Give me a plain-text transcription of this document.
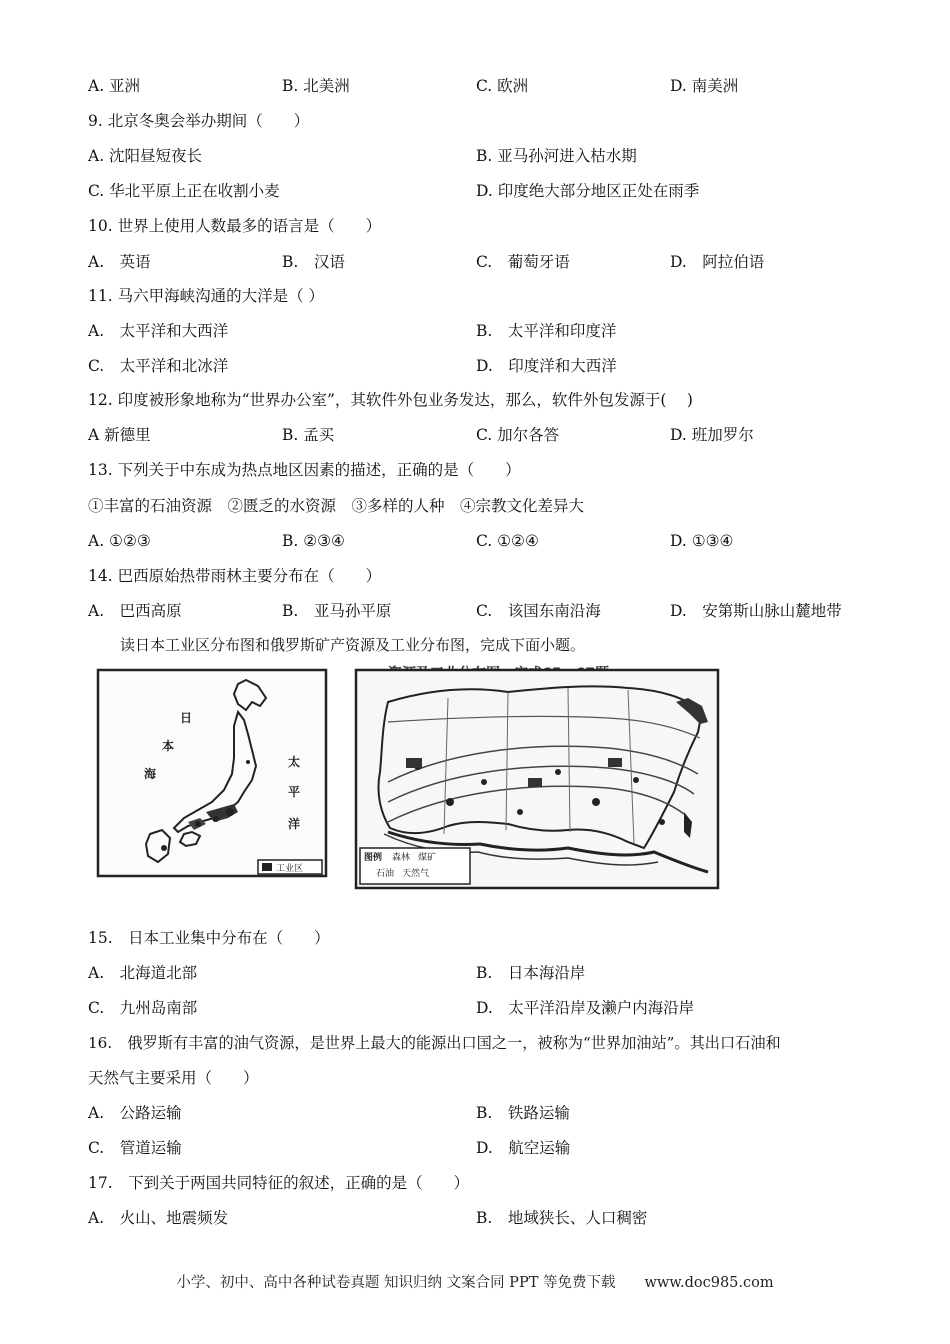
A. 亚洲	B. 北美洲	C. 欧洲	D. 南美洲
9. 北京冬奥会举办期间（　　）
A. 沈阳昼短夜长	B. 亚马孙河进入枯水期
C. 华北平原上正在收割小麦	D. 印度绝大部分地区正处在雨季
10. 世界上使用人数最多的语言是（　　）
A.　英语	B.　汉语	C.　葡萄牙语	D.　阿拉伯语
11. 马六甲海峡沟通的大洋是（ ）
A.　太平洋和大西洋	B.　太平洋和印度洋
C.　太平洋和北冰洋	D.　印度洋和大西洋
12. 印度被形象地称为“世界办公室”，其软件外包业务发达，那么，软件外包发源于(　 )
A 新德里	B. 孟买	C. 加尔各答	D. 班加罗尔
13. 下列关于中东成为热点地区因素的描述，正确的是（　　）
①丰富的石油资源　②匮乏的水资源　③多样的人种　④宗教文化差异大
A. ①②③	B. ②③④	C. ①②④	D. ①③④
14. 巴西原始热带雨林主要分布在（　　）
A.　巴西高原	B.　亚马孙平原	C.　该国东南沿海	D.　安第斯山脉山麓地带
读日本工业区分布图和俄罗斯矿产资源及工业分布图，完成下面小题。
日
本
海
太
平
洋
工业区
图例 森林 煤矿
石油 天然气
15.　日本工业集中分布在（　　）
A.　北海道北部	B.　日本海沿岸
C.　九州岛南部	D.　太平洋沿岸及濑户内海沿岸
16.　俄罗斯有丰富的油气资源，是世界上最大的能源出口国之一，被称为“世界加油站”。其出口石油和
天然气主要采用（　　）
A.　公路运输	B.　铁路运输
C.　管道运输	D.　航空运输
17.　下到关于两国共同特征的叙述，正确的是（　　）
A.　火山、地震频发	B.　地域狭长、人口稠密
小学、初中、高中各种试卷真题 知识归纳 文案合同 PPT 等免费下载　　www.doc985.com
